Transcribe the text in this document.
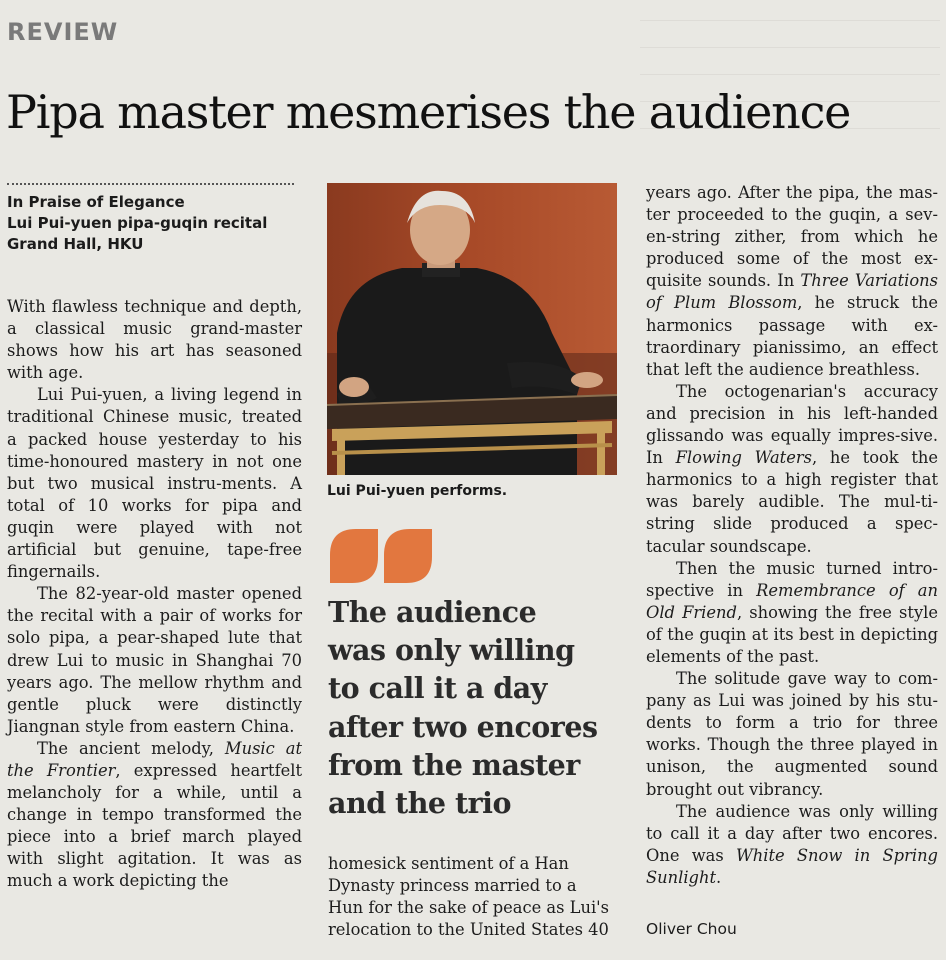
REVIEW
Pipa master mesmerises the audience
In Praise of Elegance
Lui Pui-yuen pipa-guqin recital
Grand Hall, HKU

With flawless technique and depth, a classical music grand-master shows how his art has seasoned with age.

Lui Pui-yuen, a living legend in traditional Chinese music, treated a packed house yesterday to his time-honoured mastery in not one but two musical instru-ments. A total of 10 works for pipa and guqin were played with not artificial but genuine, tape-free fingernails.

The 82-year-old master opened the recital with a pair of works for solo pipa, a pear-shaped lute that drew Lui to music in Shanghai 70 years ago. The mellow rhythm and gentle pluck were distinctly Jiangnan style from eastern China.

The ancient melody, Music at the Frontier, expressed heartfelt melancholy for a while, until a change in tempo transformed the piece into a brief march played with slight agitation. It was as much a work depicting the

Lui Pui-yuen performs.
The audience
was only willing
to call it a day
after two encores
from the master
and the trio
homesick sentiment of a Han
Dynasty princess married to a
Hun for the sake of peace as Lui's
relocation to the United States 40

years ago. After the pipa, the mas-ter proceeded to the guqin, a sev-en-string zither, from which he produced some of the most ex-quisite sounds. In Three Variations of Plum Blossom, he struck the harmonics passage with ex-traordinary pianissimo, an effect that left the audience breathless.

The octogenarian's accuracy and precision in his left-handed glissando was equally impres-sive. In Flowing Waters, he took the harmonics to a high register that was barely audible. The mul-ti-string slide produced a spec-tacular soundscape.

Then the music turned intro-spective in Remembrance of an Old Friend, showing the free style of the guqin at its best in depicting elements of the past.

The solitude gave way to com-pany as Lui was joined by his stu-dents to form a trio for three works. Though the three played in unison, the augmented sound brought out vibrancy.

The audience was only willing to call it a day after two encores. One was White Snow in Spring Sunlight.

Oliver Chou
